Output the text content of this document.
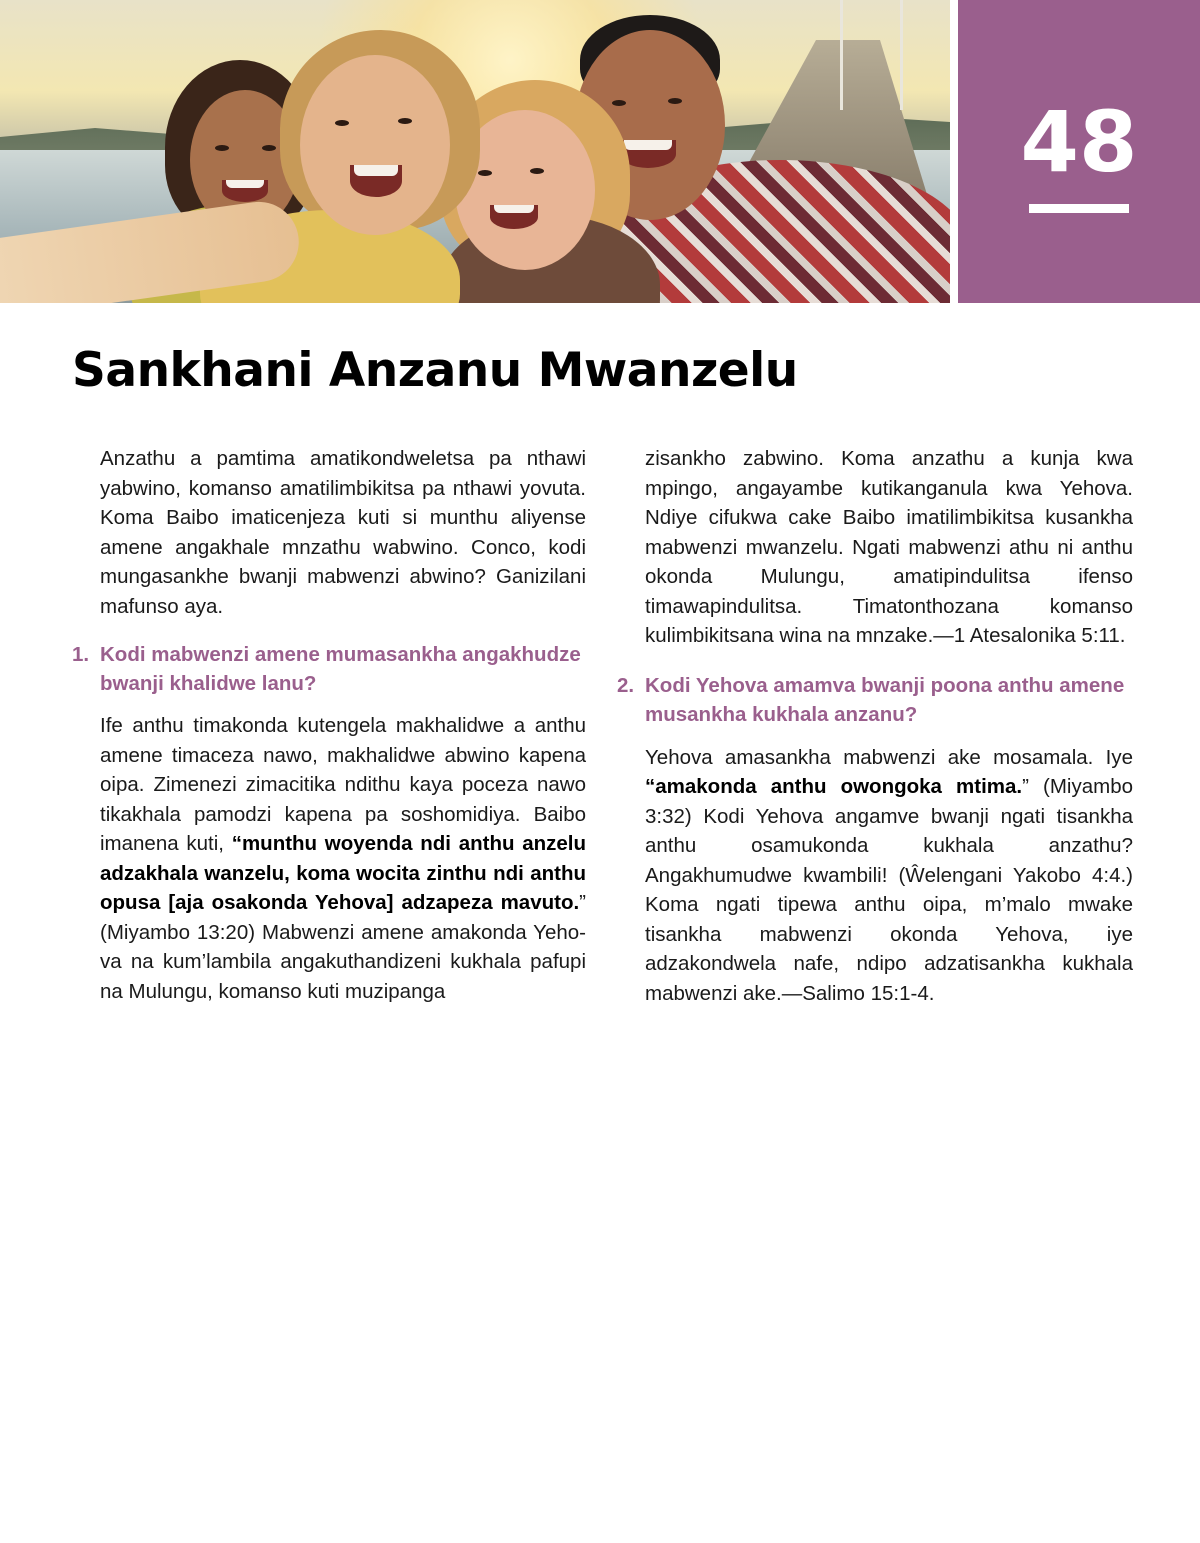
48
Sankhani Anzanu Mwanzelu

Anzathu a pamtima amatikondweletsa pa nthawi yabwino, komanso amatilimbikitsa pa nthawi yovuta. Koma Baibo imaticenjeza kuti si munthu aliyense amene angakhale mnzathu wabwino. Conco, kodi mungasankhe bwanji mabwenzi abwino? Ganizilani mafunso aya.

1. Kodi mabwenzi amene mumasankha angakhudze bwanji khalidwe lanu?

Ife anthu timakonda kutengela makhalidwe a anthu amene timaceza nawo, makhalidwe abwino kapena oipa. Zimenezi zimacitika ndithu kaya poceza nawo tikakhala pamodzi kapena pa soshomidiya. Baibo imanena kuti, “munthu woyenda ndi anthu anzelu adzakhala wanzelu, koma wocita zinthu ndi anthu opusa [aja osakonda Yehova] adzapeza mavuto.” (Miyambo 13:20) Mabwenzi amene amakonda Yehova na kum’lambila angakuthandizeni kukhala pafupi na Mulungu, komanso kuti muzipanga

zisankho zabwino. Koma anzathu a kunja kwa mpingo, angayambe kutikanganula kwa Yehova. Ndiye cifukwa cake Baibo imatilimbikitsa kusankha mabwenzi mwanzelu. Ngati mabwenzi athu ni anthu okonda Mulungu, amatipindulitsa ifenso timawapindulitsa. Timatonthozana komanso kulimbikitsana wina na mnzake.—1 Atesalonika 5:11.

2. Kodi Yehova amamva bwanji poona anthu amene musankha kukhala anzanu?

Yehova amasankha mabwenzi ake mosamala. Iye “amakonda anthu owongoka mtima.” (Miyambo 3:32) Kodi Yehova angamve bwanji ngati tisankha anthu osamukonda kukhala anzathu? Angakhumudwe kwambili! (Ŵelengani Yakobo 4:4.) Koma ngati tipewa anthu oipa, m’malo mwake tisankha mabwenzi okonda Yehova, iye adzakondwela nafe, ndipo adzatisankha kukhala mabwenzi ake.—Salimo 15:1-4.
